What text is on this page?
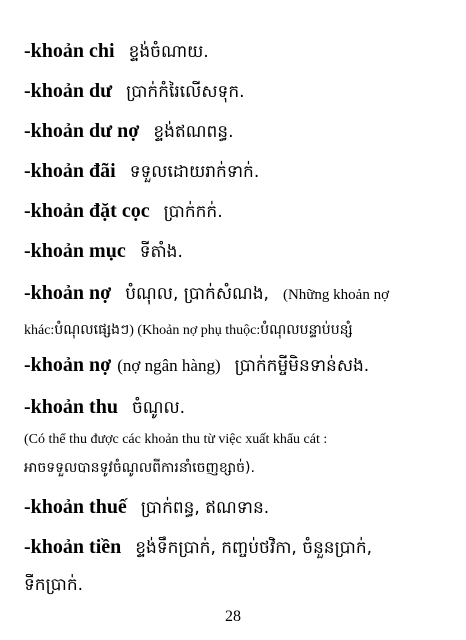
-khoản chi ខ្ទង់ចំណាយ.
-khoản dư ប្រាក់កំរៃលើសទុក.
-khoản dư nợ ខ្ទង់ឥណពន្ធ.
-khoản đãi ទទួលដោយរាក់ទាក់.
-khoản đặt cọc ប្រាក់កក់.
-khoản mục ទីតាំង.
-khoản nợ បំណុល, ប្រាក់សំណង, (Những khoản nợ
khác:បំណុលផ្សេងៗ) (Khoản nợ phụ thuộc:បំណុលបន្ទាប់បន្សំ
-khoản nợ (nợ ngân hàng) ប្រាក់កម្ចីមិនទាន់សង.
-khoản thu ចំណូល.
(Có thể thu được các khoản thu từ việc xuất khẩu cát :
អាចទទួលបានទូវចំណូលពីការនាំចេញខ្សាច់).
-khoản thuế ប្រាក់ពន្ធ, ឥណទាន.
-khoản tiền ខ្ទង់ទឹកប្រាក់, កញ្ចប់ថវិកា, ចំនួនប្រាក់,
ទឹកប្រាក់.
28
